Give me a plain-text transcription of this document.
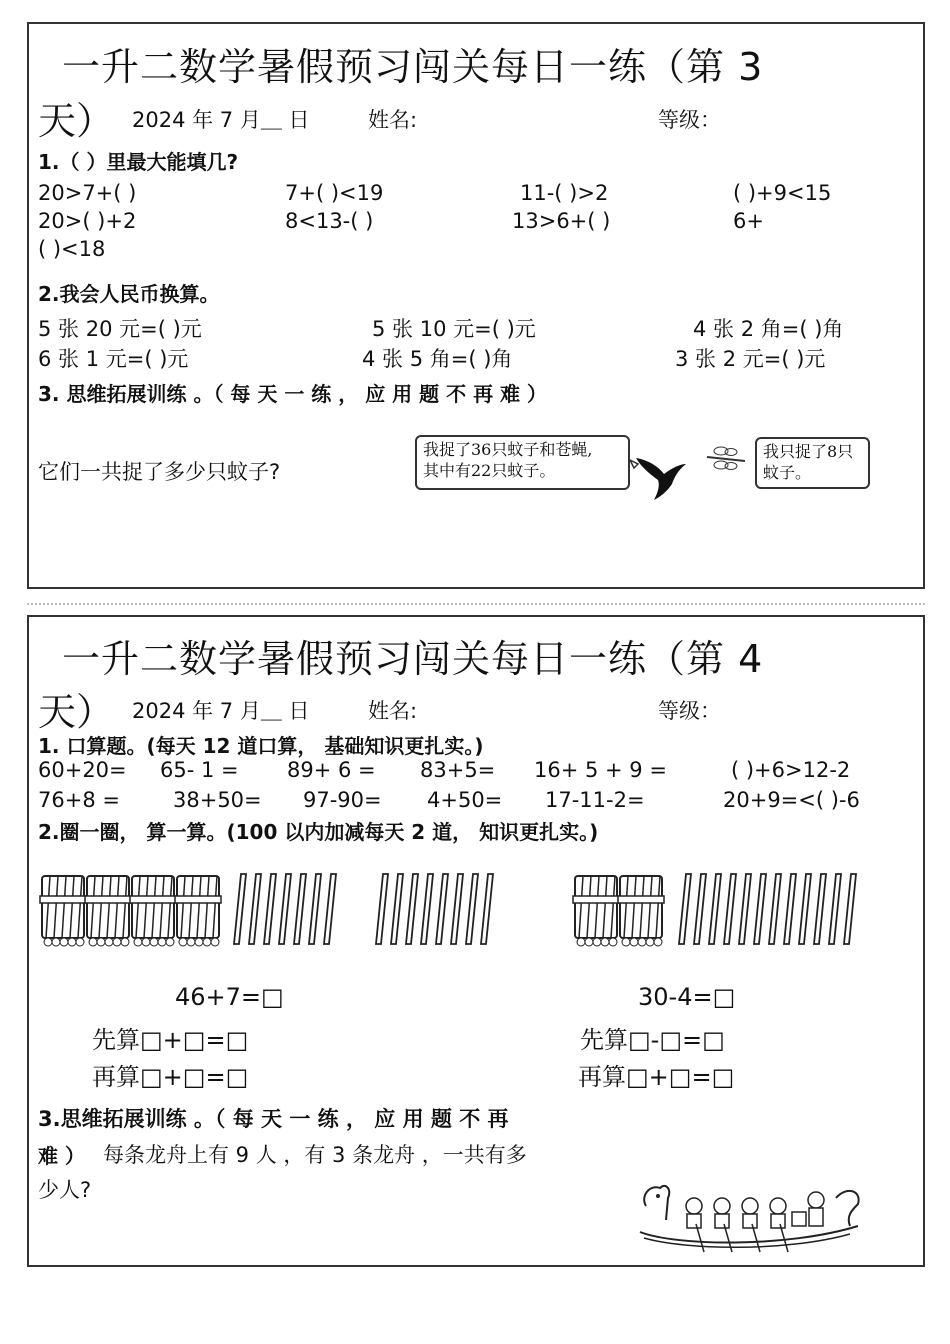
一升二数学暑假预习闯关每日一练（第 3
天） 2024 年 7 月＿ 日	姓名:	等级：
1.（ ）里最大能填几?
20>7+( )	7+( )<19	11-( )>2	( )+9<15
20>( )+2	8<13-( )	13>6+( )	6+
( )<18
2.我会人民币换算。
5 张 20 元=( )元	5 张 10 元=( )元	4 张 2 角=( )角
6 张 1 元=( )元	4 张 5 角=( )角	3 张 2 元=( )元
3. 思维拓展训练 。（ 每 天 一 练 ， 应 用 题 不 再 难 ）
它们一共捉了多少只蚊子?
我捉了36只蚊子和苍蝇,
其中有22只蚊子。
我只捉了8只
蚊子。
一升二数学暑假预习闯关每日一练（第 4
天） 2024 年 7 月＿ 日	姓名:	等级：
1. 口算题。(每天 12 道口算， 基础知识更扎实。)
60+20= 65- 1 = 89+ 6 = 83+5= 16+ 5 + 9 =	( )+6>12-2
76+8 =	38+50= 97-90= 4+50= 17-11-2=	20+9=<( )-6
2.圈一圈， 算一算。(100 以内加减每天 2 道， 知识更扎实。)
46+7=□
先算□+□=□
再算□+□=□
30-4=□
先算□-□=□
再算□+□=□
3.思维拓展训练 。（ 每 天 一 练 ， 应 用 题 不 再
难 ） 每条龙舟上有 9 人 ，有 3 条龙舟 ，一共有多
少人?
